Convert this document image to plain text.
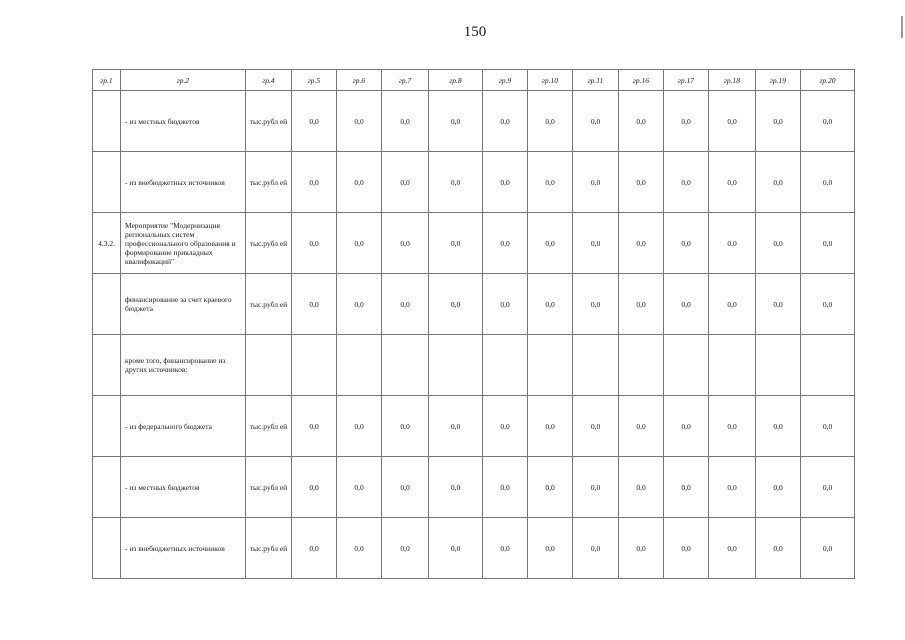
150
гр.1	гр.2	гр.4	гр.5	гр.6	гр.7	гр.8	гр.9	гр.10	гр.11	гр.16	гр.17	гр.18	гр.19	гр.20
	- из местных бюджетов	тыс.рубл ей	0,0	0,0	0,0	0,0	0,0	0,0	0,0	0,0	0,0	0,0	0,0	0,0
	- из внебюджетных источников	тыс.рубл ей	0,0	0,0	0,0	0,0	0,0	0,0	0,0	0,0	0,0	0,0	0,0	0,0
4.3.2.	Мероприятие "Модернизация региональных систем профессионального образования и формирование прикладных квалификаций"	тыс.рубл ей	0,0	0,0	0,0	0,0	0,0	0,0	0,0	0,0	0,0	0,0	0,0	0,0
	финансирование за счет краевого бюджета	тыс.рубл ей	0,0	0,0	0,0	0,0	0,0	0,0	0,0	0,0	0,0	0,0	0,0	0,0
	кроме того, финансирование из других источников:													
	- из федерального бюджета	тыс.рубл ей	0,0	0,0	0,0	0,0	0,0	0,0	0,0	0,0	0,0	0,0	0,0	0,0
	- из местных бюджетов	тыс.рубл ей	0,0	0,0	0,0	0,0	0,0	0,0	0,0	0,0	0,0	0,0	0,0	0,0
	- из внебюджетных источников	тыс.рубл ей	0,0	0,0	0,0	0,0	0,0	0,0	0,0	0,0	0,0	0,0	0,0	0,0
